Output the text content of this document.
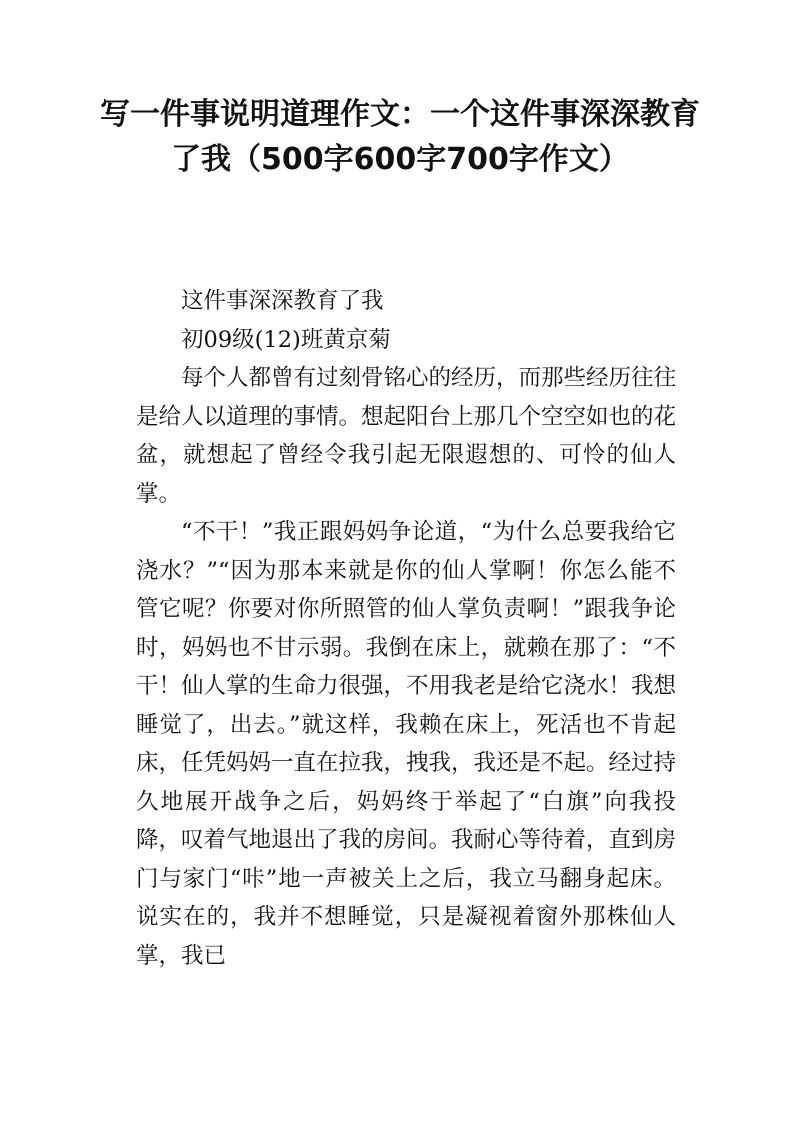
写一件事说明道理作文：一个这件事深深教育了我（500字600字700字作文）

这件事深深教育了我

初09级(12)班黄京菊

每个人都曾有过刻骨铭心的经历，而那些经历往往是给人以道理的事情。想起阳台上那几个空空如也的花盆，就想起了曾经令我引起无限遐想的、可怜的仙人掌。

“不干！”我正跟妈妈争论道，“为什么总要我给它浇水？”“因为那本来就是你的仙人掌啊！你怎么能不管它呢？你要对你所照管的仙人掌负责啊！”跟我争论时，妈妈也不甘示弱。我倒在床上，就赖在那了：“不干！仙人掌的生命力很强，不用我老是给它浇水！我想睡觉了，出去。”就这样，我赖在床上，死活也不肯起床，任凭妈妈一直在拉我，拽我，我还是不起。经过持久地展开战争之后，妈妈终于举起了“白旗”向我投降，叹着气地退出了我的房间。我耐心等待着，直到房门与家门“咔”地一声被关上之后，我立马翻身起床。说实在的，我并不想睡觉，只是凝视着窗外那株仙人掌，我已
